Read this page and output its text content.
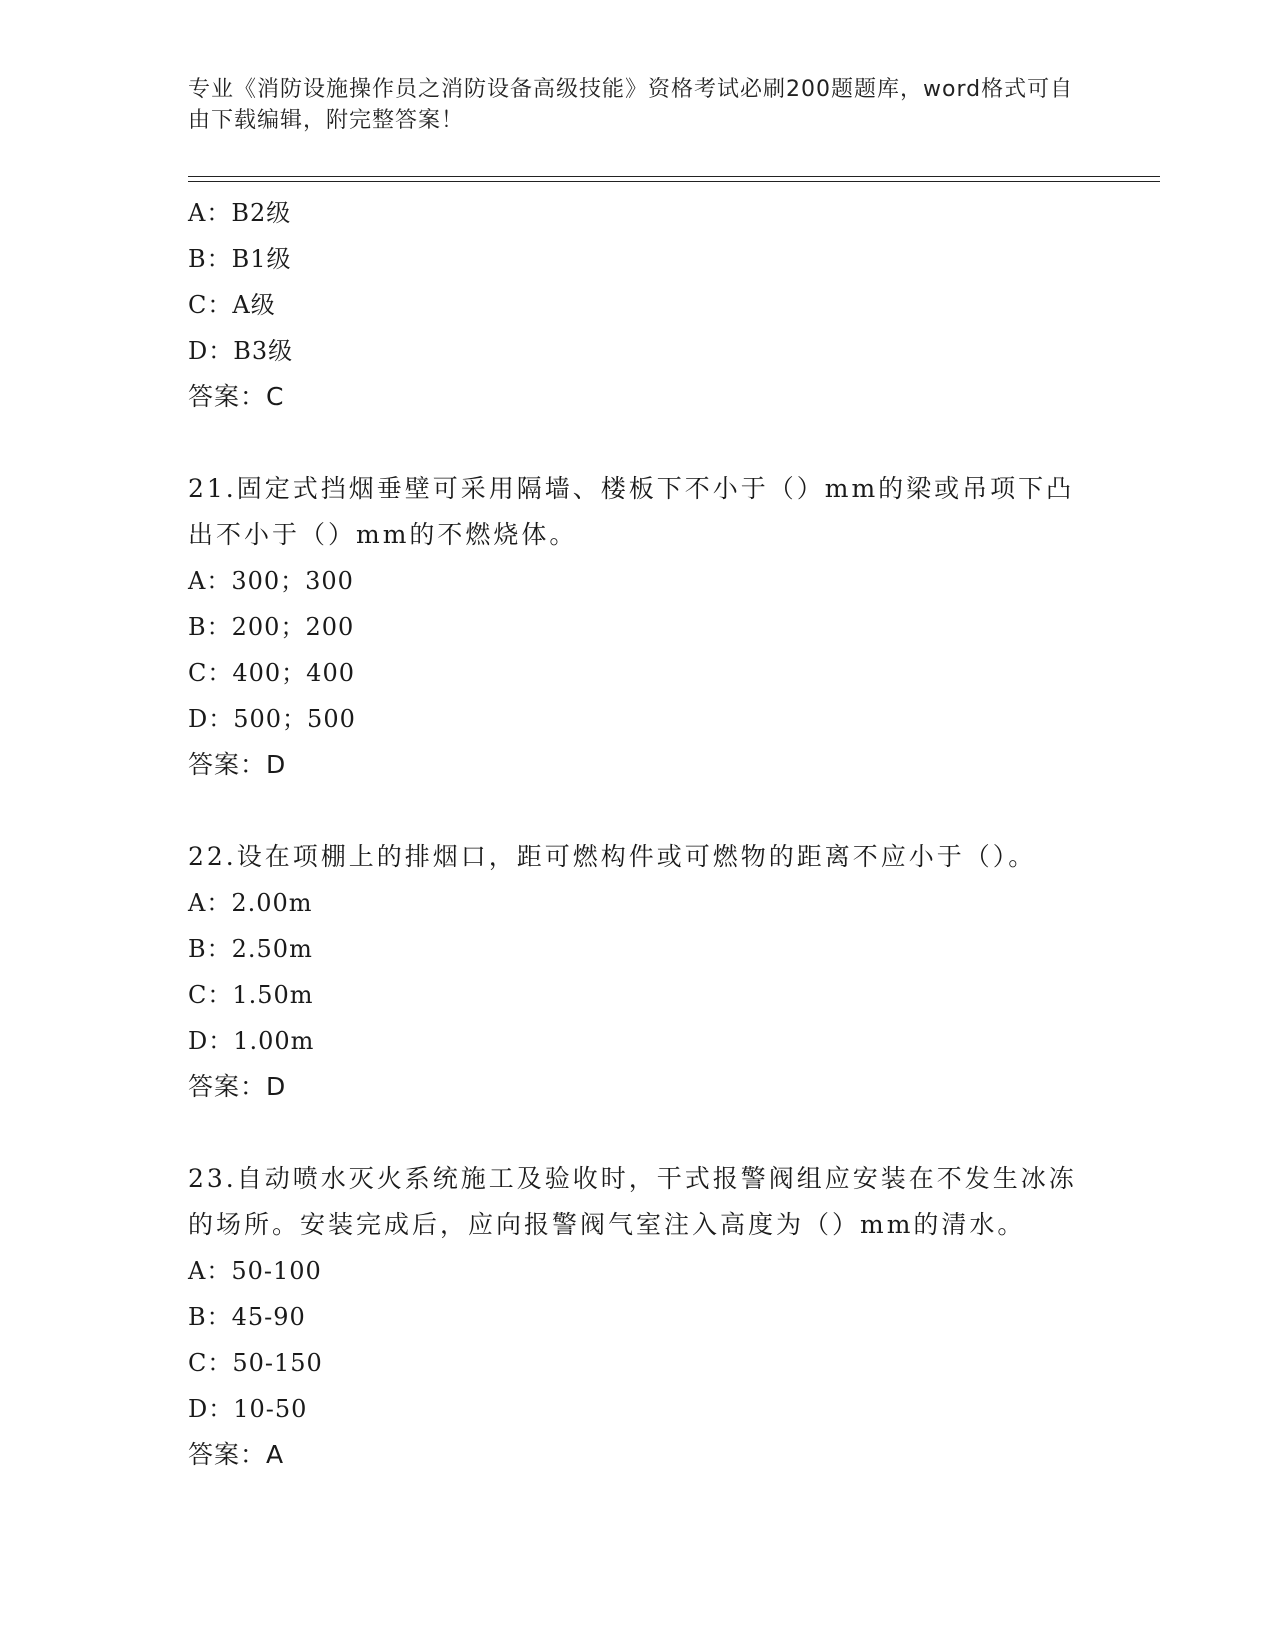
专业《消防设施操作员之消防设备高级技能》资格考试必刷200题题库，word格式可自由下载编辑，附完整答案！
A：B2级
B：B1级
C：A级
D：B3级
答案：C
21.固定式挡烟垂壁可采用隔墙、楼板下不小于（）mm的梁或吊项下凸出不小于（）mm的不燃烧体。
A：300；300
B：200；200
C：400；400
D：500；500
答案：D
22.设在项棚上的排烟口，距可燃构件或可燃物的距离不应小于（）。
A：2.00m
B：2.50m
C：1.50m
D：1.00m
答案：D
23.自动喷水灭火系统施工及验收时，干式报警阀组应安装在不发生冰冻的场所。安装完成后，应向报警阀气室注入高度为（）mm的清水。
A：50-100
B：45-90
C：50-150
D：10-50
答案：A
